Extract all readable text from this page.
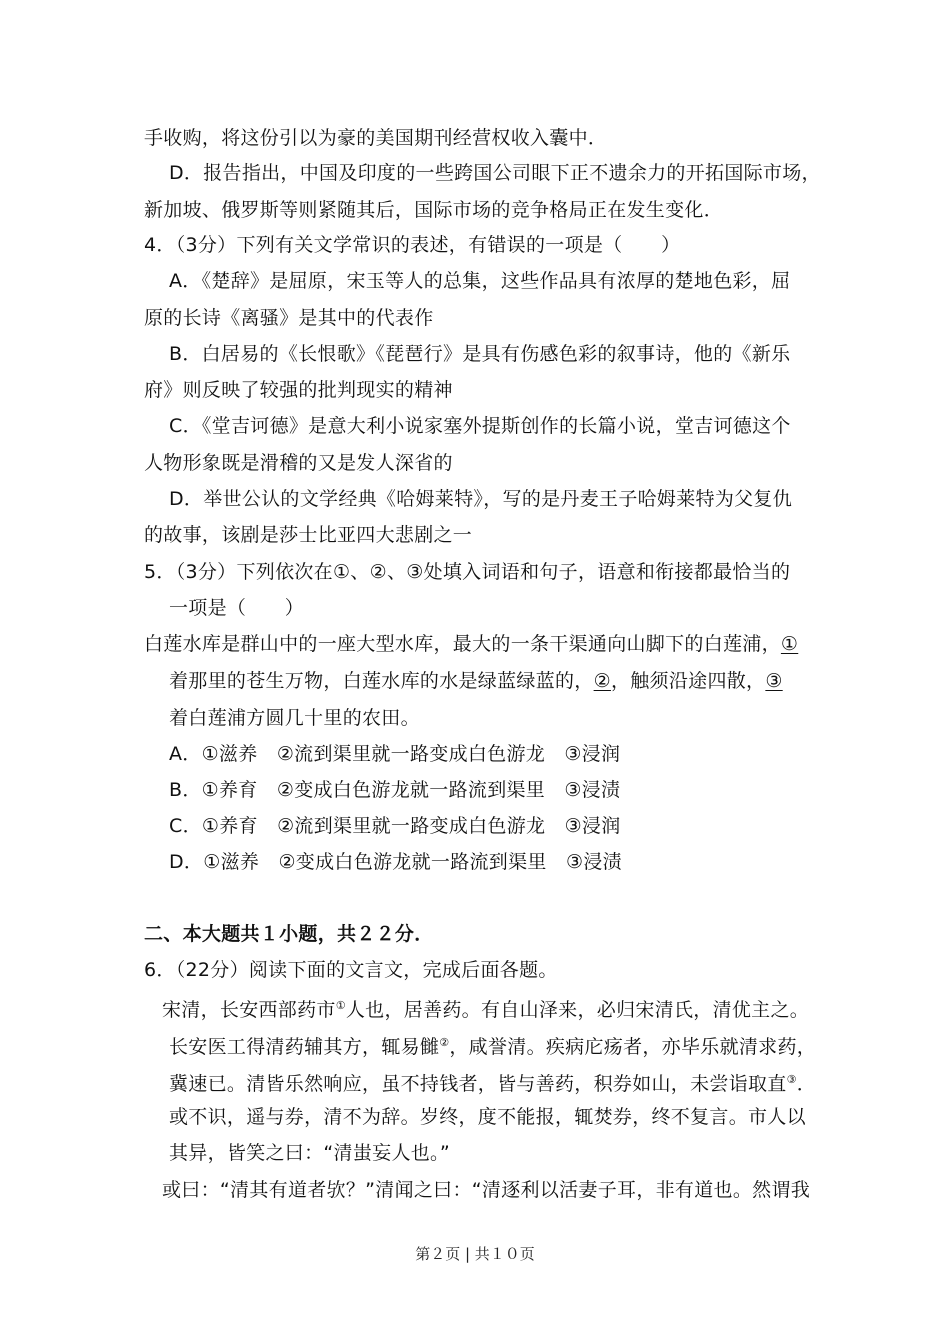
手收购，将这份引以为豪的美国期刊经营权收入囊中．
D．报告指出，中国及印度的一些跨国公司眼下正不遗余力的开拓国际市场，
新加坡、俄罗斯等则紧随其后，国际市场的竞争格局正在发生变化．
4．（3分）下列有关文学常识的表述，有错误的一项是（　　）
A．《楚辞》是屈原，宋玉等人的总集，这些作品具有浓厚的楚地色彩，屈
原的长诗《离骚》是其中的代表作
B．白居易的《长恨歌》《琵琶行》是具有伤感色彩的叙事诗，他的《新乐
府》则反映了较强的批判现实的精神
C．《堂吉诃德》是意大利小说家塞外提斯创作的长篇小说，堂吉诃德这个
人物形象既是滑稽的又是发人深省的
D．举世公认的文学经典《哈姆莱特》，写的是丹麦王子哈姆莱特为父复仇
的故事，该剧是莎士比亚四大悲剧之一
5．（3分）下列依次在①、②、③处填入词语和句子，语意和衔接都最恰当的
一项是（　　）
白莲水库是群山中的一座大型水库，最大的一条干渠通向山脚下的白莲浦，①
着那里的苍生万物，白莲水库的水是绿蓝绿蓝的，②，触须沿途四散，③
着白莲浦方圆几十里的农田。
A．①滋养　②流到渠里就一路变成白色游龙　③浸润
B．①养育　②变成白色游龙就一路流到渠里　③浸渍
C．①养育　②流到渠里就一路变成白色游龙　③浸润
D．①滋养　②变成白色游龙就一路流到渠里　③浸渍
二、本大题共１小题，共２２分．
6．（22分）阅读下面的文言文，完成后面各题。
宋清，长安西部药市①人也，居善药。有自山泽来，必归宋清氏，清优主之。
长安医工得清药辅其方，辄易雠②，咸誉清。疾病庀疡者，亦毕乐就清求药，
冀速已。清皆乐然响应，虽不持钱者，皆与善药，积券如山，未尝诣取直③．
或不识，遥与券，清不为辞。岁终，度不能报，辄焚券，终不复言。市人以
其异，皆笑之曰：“清蚩妄人也。”
或曰：“清其有道者欤？”清闻之曰：“清逐利以活妻子耳，非有道也。然谓我
第２页 | 共１０页
